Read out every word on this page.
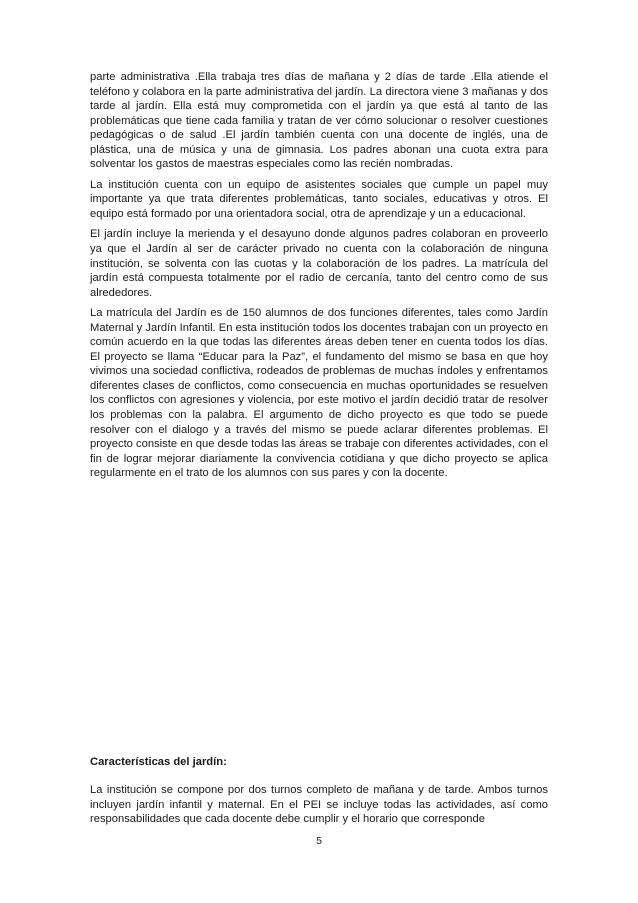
parte administrativa .Ella trabaja tres días de mañana y 2 días de tarde .Ella atiende el teléfono y colabora en la parte administrativa del jardín. La directora viene 3 mañanas y dos tarde al jardín. Ella está muy comprometida con el jardín ya que está al tanto de las problemáticas que tiene cada familia y tratan de ver cómo solucionar o resolver cuestiones pedagógicas o de salud .El jardín también cuenta con una docente de inglés, una de plástica, una de música y una de gimnasia. Los padres abonan una cuota extra para solventar los gastos de maestras especiales como las recién nombradas.

La institución cuenta con un equipo de asistentes sociales que cumple un papel muy importante ya que trata diferentes problemáticas, tanto sociales, educativas y otros. El equipo está formado por una orientadora social, otra de aprendizaje y un a educacional.

El jardín incluye la merienda y el desayuno donde algunos padres colaboran en proveerlo ya que el Jardín al ser de carácter privado no cuenta con la colaboración de ninguna institución, se solventa con las cuotas y la colaboración de los padres. La matrícula del jardín está compuesta totalmente por el radio de cercanía, tanto del centro como de sus alrededores.

La matrícula del Jardín es de 150 alumnos de dos funciones diferentes, tales como Jardín Maternal y Jardín Infantil. En esta institución todos los docentes trabajan con un proyecto en común acuerdo en la que todas las diferentes áreas deben tener en cuenta todos los días. El proyecto se llama “Educar para la Paz”, el fundamento del mismo se basa en que hoy vivimos una sociedad conflictiva, rodeados de problemas de muchas índoles y enfrentamos diferentes clases de conflictos, como consecuencia en muchas oportunidades se resuelven los conflictos con agresiones y violencia, por este motivo el jardín decidió tratar de resolver los problemas con la palabra. El argumento de dicho proyecto es que todo se puede resolver con el dialogo y a través del mismo se puede aclarar diferentes problemas. El proyecto consiste en que desde todas las áreas se trabaje con diferentes actividades, con el fin de lograr mejorar diariamente la convivencia cotidiana y que dicho proyecto se aplica regularmente en el trato de los alumnos con sus pares y con la docente.

Características del jardín:

La institución se compone por dos turnos completo de mañana y de tarde. Ambos turnos incluyen jardín infantil y maternal. En el PEI se incluye todas las actividades, así como responsabilidades que cada docente debe cumplir y el horario que corresponde

5
